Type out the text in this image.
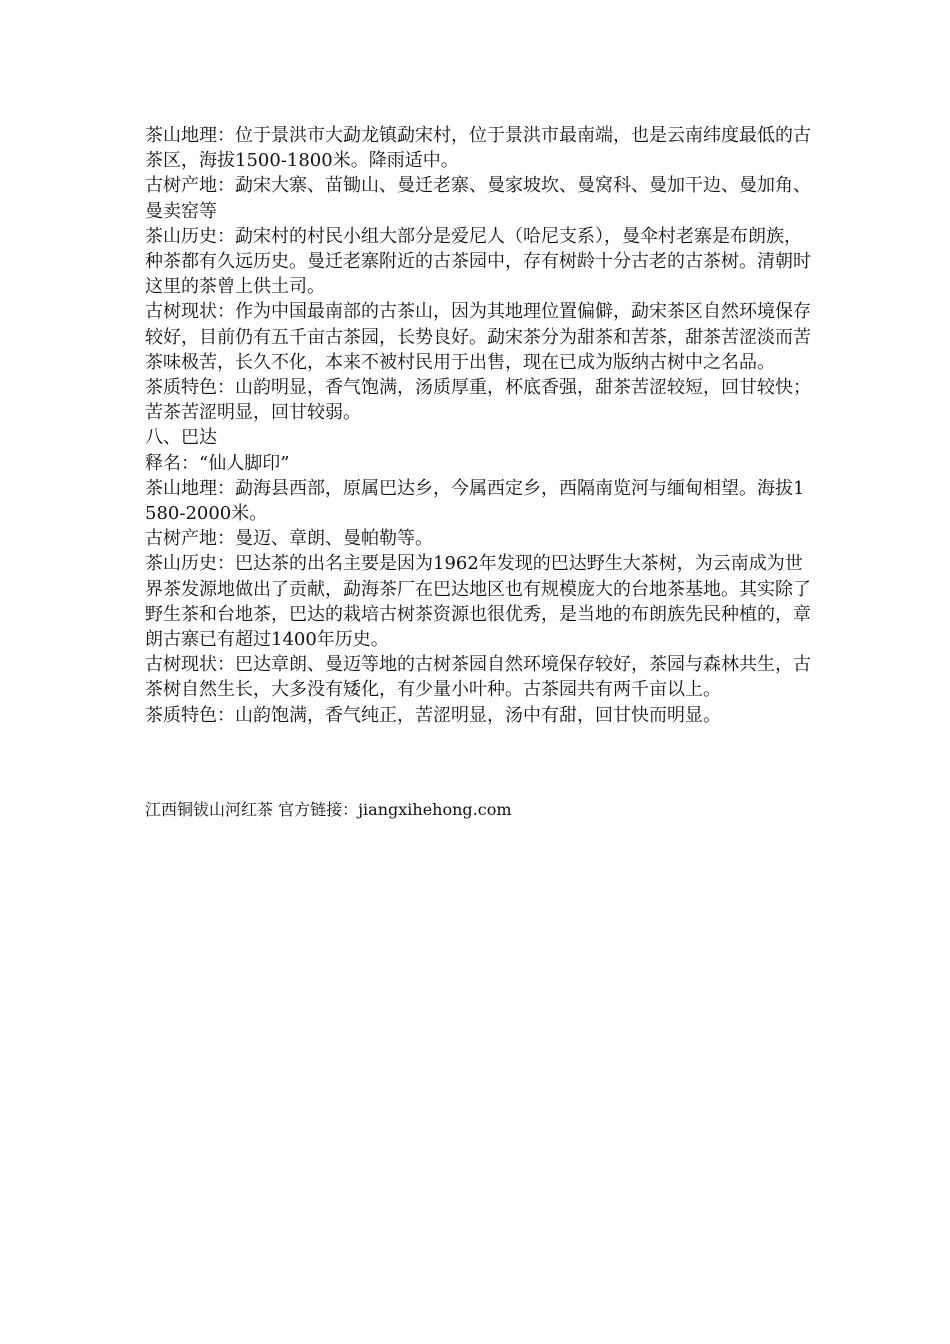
茶山地理：位于景洪市大勐龙镇勐宋村，位于景洪市最南端，也是云南纬度最低的古茶区，海拔1500-1800米。降雨适中。

古树产地：勐宋大寨、苗锄山、曼迁老寨、曼家坡坎、曼窝科、曼加干边、曼加角、曼卖窑等

茶山历史：勐宋村的村民小组大部分是爱尼人（哈尼支系），曼伞村老寨是布朗族，种茶都有久远历史。曼迁老寨附近的古茶园中，存有树龄十分古老的古茶树。清朝时这里的茶曾上供土司。

古树现状：作为中国最南部的古茶山，因为其地理位置偏僻，勐宋茶区自然环境保存较好，目前仍有五千亩古茶园，长势良好。勐宋茶分为甜茶和苦茶，甜茶苦涩淡而苦茶味极苦，长久不化，本来不被村民用于出售，现在已成为版纳古树中之名品。

茶质特色：山韵明显，香气饱满，汤质厚重，杯底香强，甜茶苦涩较短，回甘较快；苦茶苦涩明显，回甘较弱。

八、巴达

释名：“仙人脚印”

茶山地理：勐海县西部，原属巴达乡，今属西定乡，西隔南览河与缅甸相望。海拔1580-2000米。

古树产地：曼迈、章朗、曼帕勒等。

茶山历史：巴达茶的出名主要是因为1962年发现的巴达野生大茶树，为云南成为世界茶发源地做出了贡献，勐海茶厂在巴达地区也有规模庞大的台地茶基地。其实除了野生茶和台地茶，巴达的栽培古树茶资源也很优秀，是当地的布朗族先民种植的，章朗古寨已有超过1400年历史。

古树现状：巴达章朗、曼迈等地的古树茶园自然环境保存较好，茶园与森林共生，古茶树自然生长，大多没有矮化，有少量小叶种。古茶园共有两千亩以上。

茶质特色：山韵饱满，香气纯正，苦涩明显，汤中有甜，回甘快而明显。

江西铜钹山河红茶 官方链接：jiangxihehong.com
